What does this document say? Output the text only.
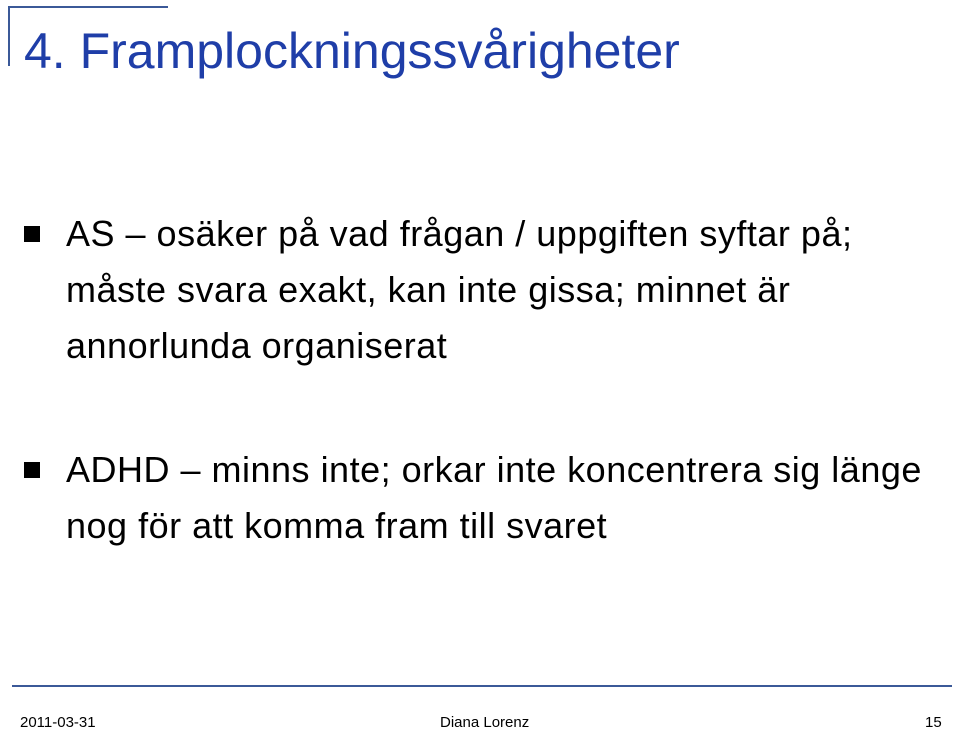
4. Framplockningssvårigheter
AS – osäker på vad frågan / uppgiften syftar på; måste svara exakt, kan inte gissa; minnet är annorlunda organiserat
ADHD – minns inte; orkar inte koncentrera sig länge nog för att komma fram till svaret
2011-03-31	Diana Lorenz	15
